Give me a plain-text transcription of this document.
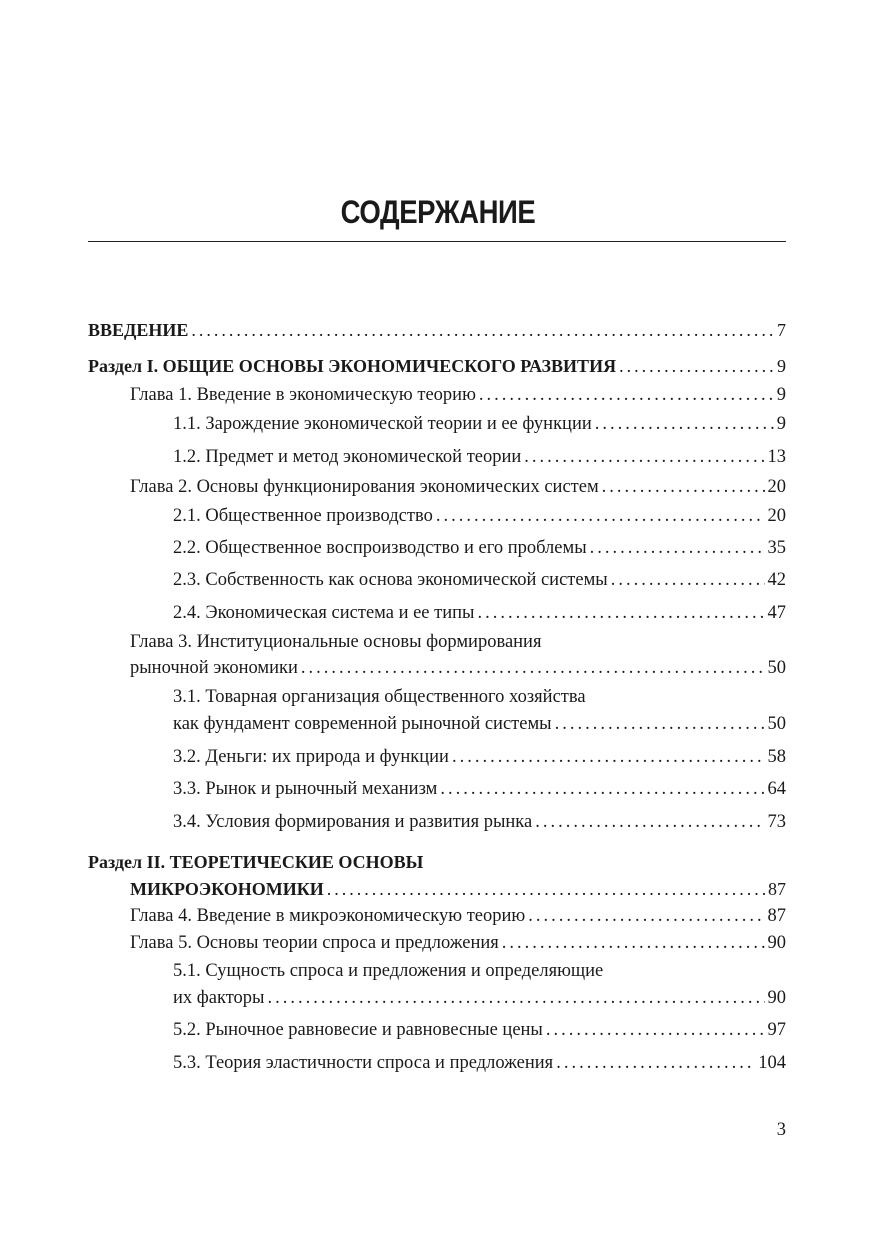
СОДЕРЖАНИЕ
ВВЕДЕНИЕ .....	7
Раздел I. ОБЩИЕ ОСНОВЫ ЭКОНОМИЧЕСКОГО РАЗВИТИЯ .....	9
Глава 1. Введение в экономическую теорию .....	9
1.1. Зарождение экономической теории и ее функции .....	9
1.2. Предмет и метод экономической теории .....	13
Глава 2. Основы функционирования экономических систем .....	20
2.1. Общественное производство .....	20
2.2. Общественное воспроизводство и его проблемы .....	35
2.3. Собственность как основа экономической системы .....	42
2.4. Экономическая система и ее типы .....	47
Глава 3. Институциональные основы формирования
рыночной экономики .....	50
3.1. Товарная организация общественного хозяйства
как фундамент современной рыночной системы .....	50
3.2. Деньги: их природа и функции .....	58
3.3. Рынок и рыночный механизм .....	64
3.4. Условия формирования и развития рынка .....	73
Раздел II. ТЕОРЕТИЧЕСКИЕ ОСНОВЫ
МИКРОЭКОНОМИКИ .....	87
Глава 4. Введение в микроэкономическую теорию .....	87
Глава 5. Основы теории спроса и предложения .....	90
5.1. Сущность спроса и предложения и определяющие
их факторы .....	90
5.2. Рыночное равновесие и равновесные цены .....	97
5.3. Теория эластичности спроса и предложения .....	104
3
